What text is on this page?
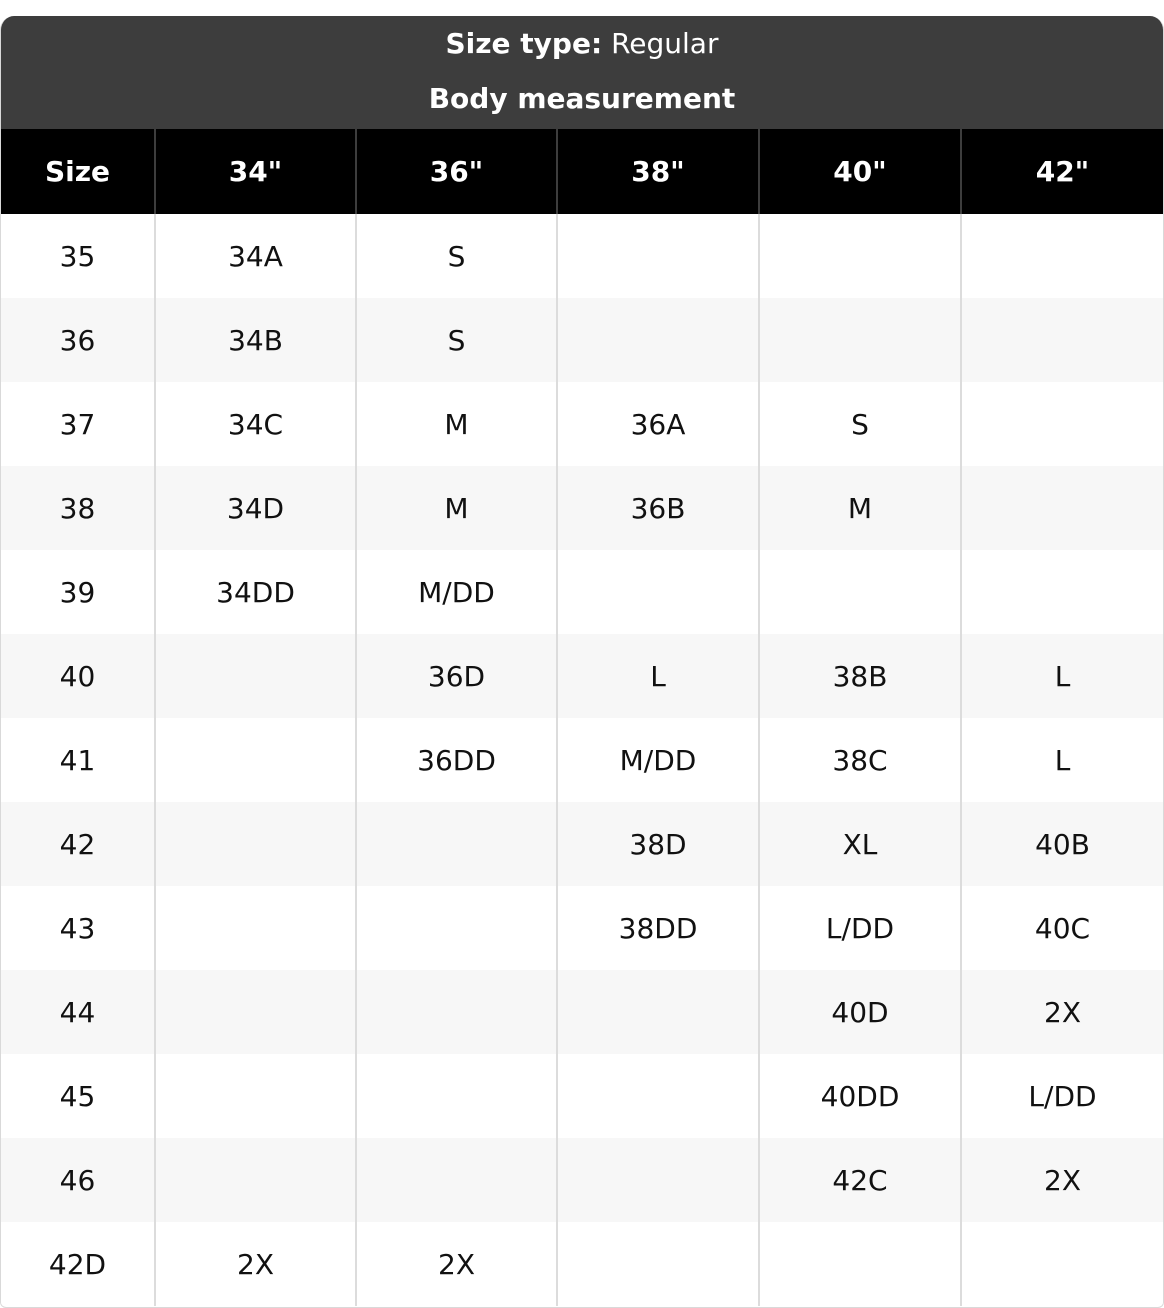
Size type: Regular
Body measurement
Size	34"	36"	38"	40"	42"
35	34A	S			
36	34B	S			
37	34C	M	36A	S	
38	34D	M	36B	M	
39	34DD	M/DD			
40		36D	L	38B	L
41		36DD	M/DD	38C	L
42			38D	XL	40B
43			38DD	L/DD	40C
44				40D	2X
45				40DD	L/DD
46				42C	2X
42D	2X	2X			
